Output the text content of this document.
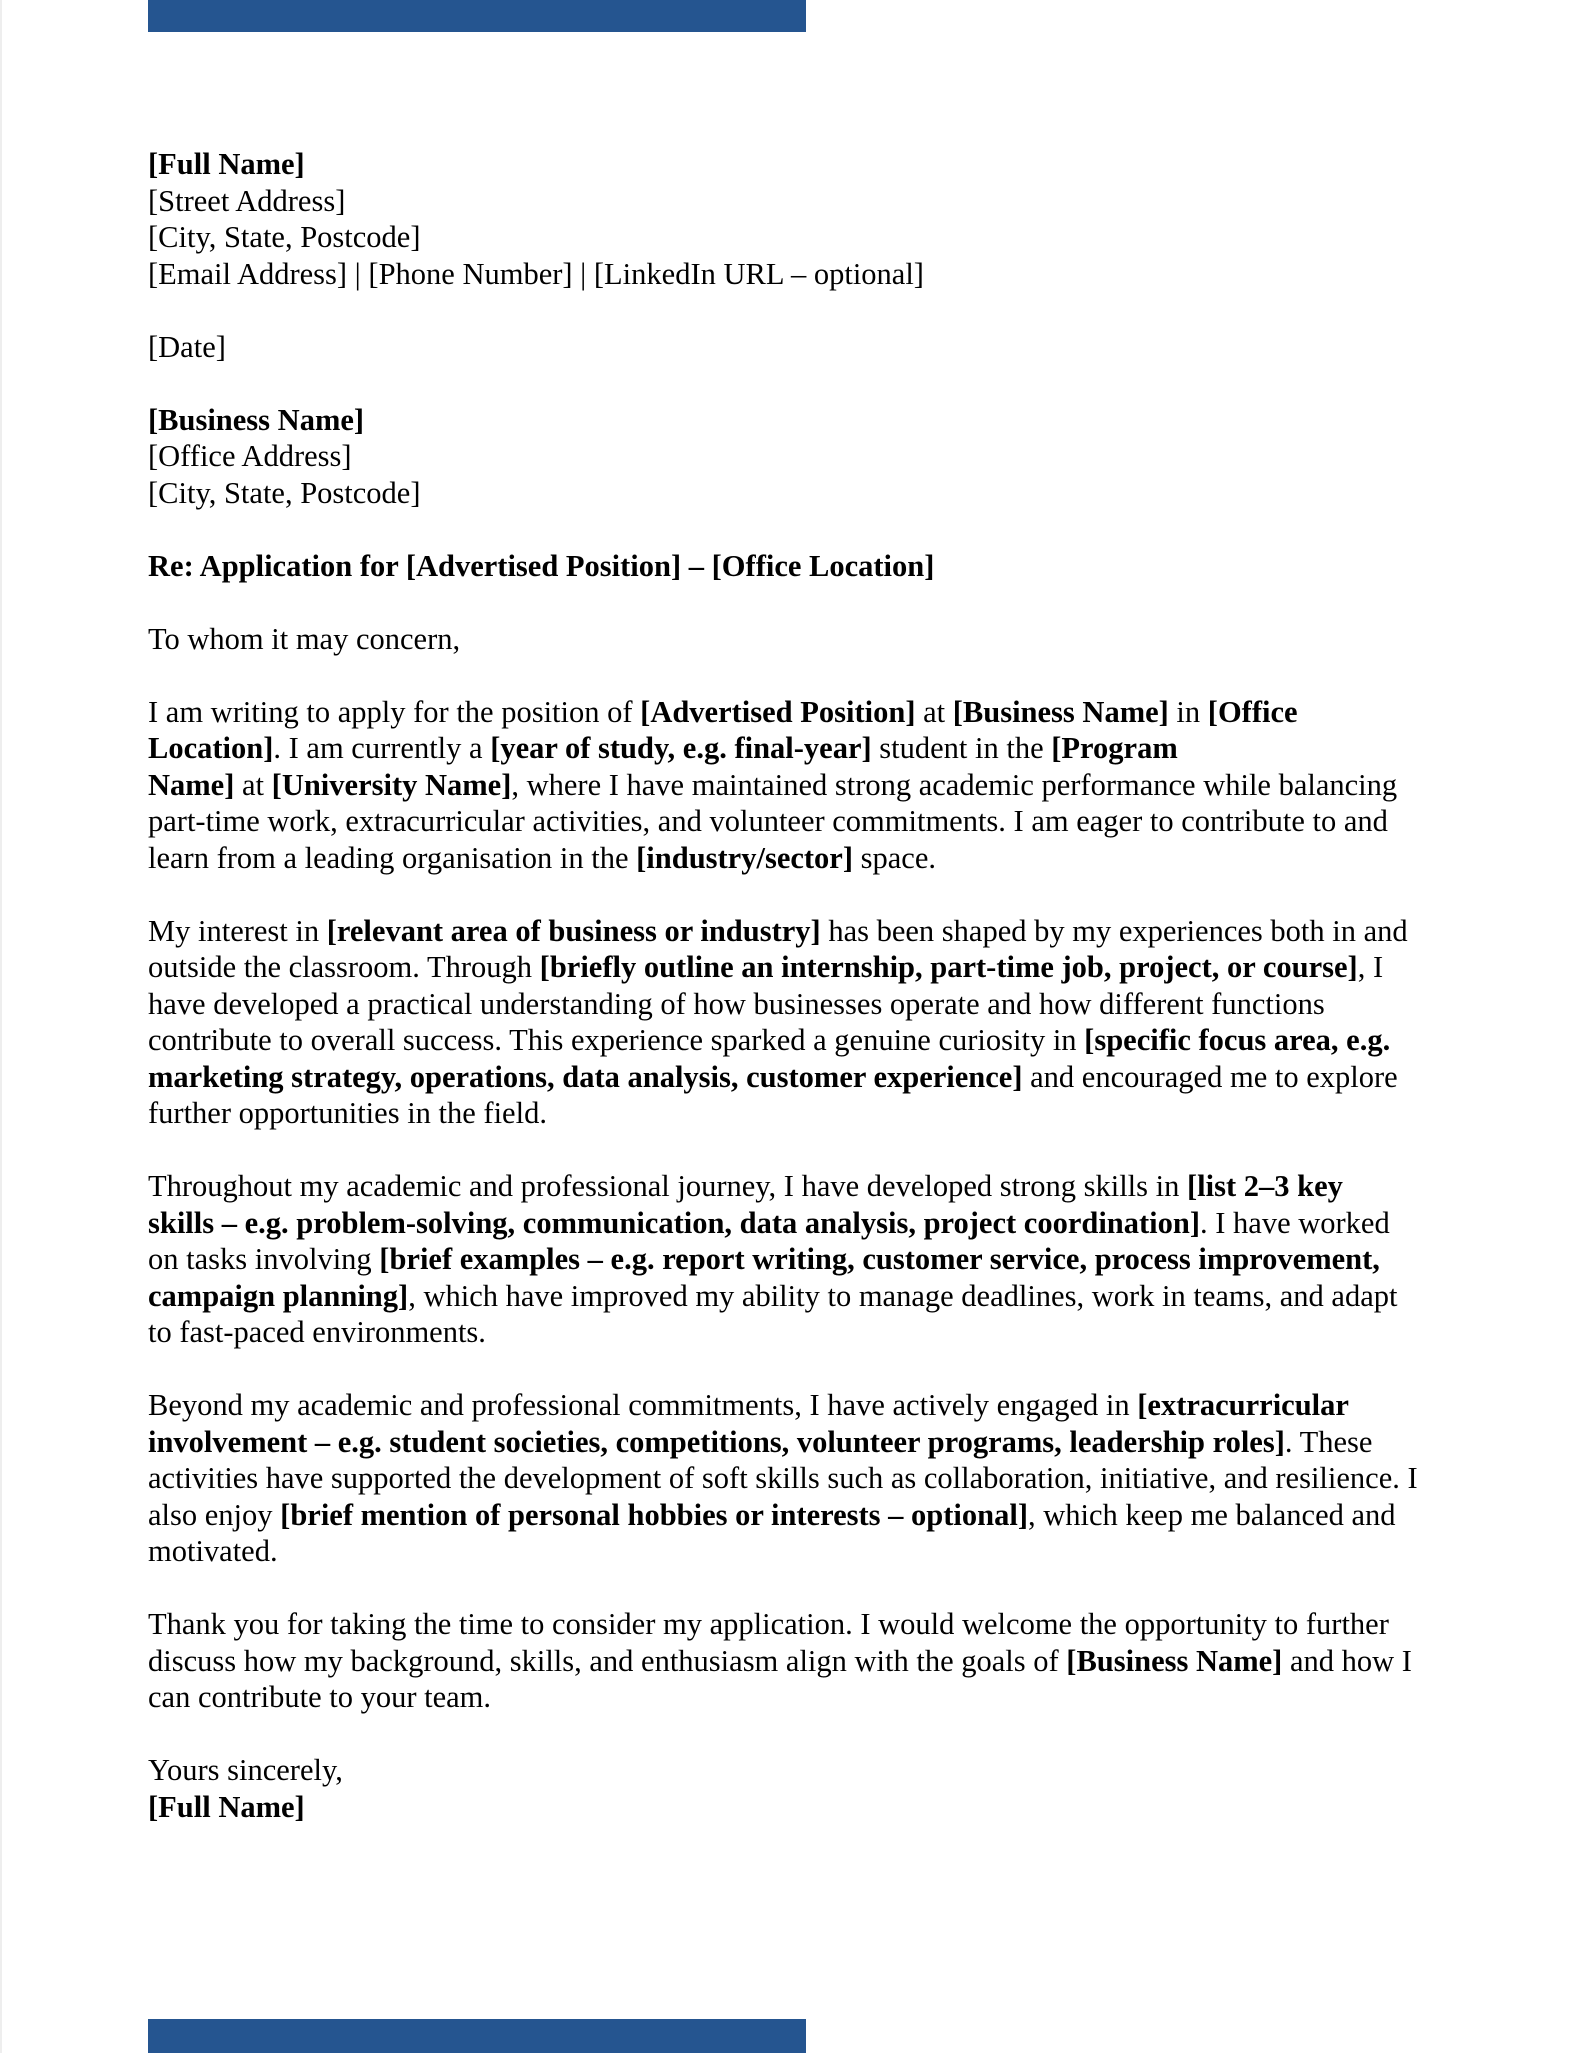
[Full Name]
[Street Address]
[City, State, Postcode]
[Email Address] | [Phone Number] | [LinkedIn URL – optional]
[Date]
[Business Name]
[Office Address]
[City, State, Postcode]
Re: Application for [Advertised Position] – [Office Location]
To whom it may concern,
I am writing to apply for the position of [Advertised Position] at [Business Name] in [Office
Location]. I am currently a [year of study, e.g. final-year] student in the [Program
Name] at [University Name], where I have maintained strong academic performance while balancing
part-time work, extracurricular activities, and volunteer commitments. I am eager to contribute to and
learn from a leading organisation in the [industry/sector] space.
My interest in [relevant area of business or industry] has been shaped by my experiences both in and
outside the classroom. Through [briefly outline an internship, part-time job, project, or course], I
have developed a practical understanding of how businesses operate and how different functions
contribute to overall success. This experience sparked a genuine curiosity in [specific focus area, e.g.
marketing strategy, operations, data analysis, customer experience] and encouraged me to explore
further opportunities in the field.
Throughout my academic and professional journey, I have developed strong skills in [list 2–3 key
skills – e.g. problem-solving, communication, data analysis, project coordination]. I have worked
on tasks involving [brief examples – e.g. report writing, customer service, process improvement,
campaign planning], which have improved my ability to manage deadlines, work in teams, and adapt
to fast-paced environments.
Beyond my academic and professional commitments, I have actively engaged in [extracurricular
involvement – e.g. student societies, competitions, volunteer programs, leadership roles]. These
activities have supported the development of soft skills such as collaboration, initiative, and resilience. I
also enjoy [brief mention of personal hobbies or interests – optional], which keep me balanced and
motivated.
Thank you for taking the time to consider my application. I would welcome the opportunity to further
discuss how my background, skills, and enthusiasm align with the goals of [Business Name] and how I
can contribute to your team.
Yours sincerely,
[Full Name]
